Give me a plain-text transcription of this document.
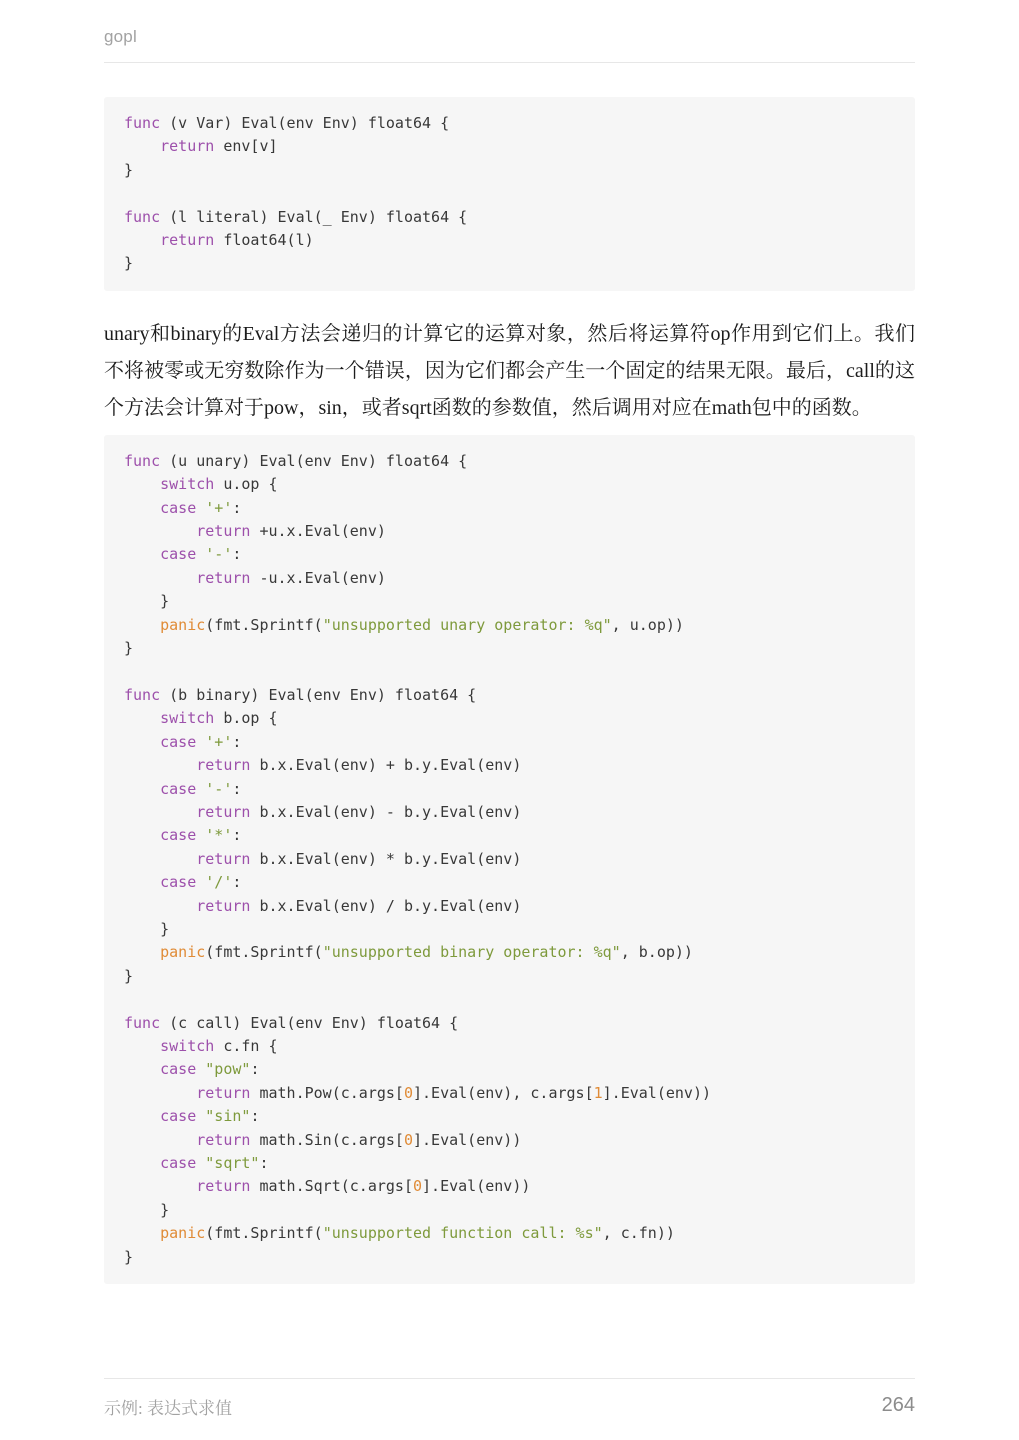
gopl
func (v Var) Eval(env Env) float64 {
return env[v]
}

func (l literal) Eval(_ Env) float64 {
return float64(l)
}

unary和binary的Eval方法会递归的计算它的运算对象，然后将运算符op作用到它们上。我们不将被零或无穷数除作为一个错误，因为它们都会产生一个固定的结果无限。最后，call的这个方法会计算对于pow，sin，或者sqrt函数的参数值，然后调用对应在math包中的函数。

func (u unary) Eval(env Env) float64 {
switch u.op {
case '+':
return +u.x.Eval(env)
case '-':
return -u.x.Eval(env)
}
panic(fmt.Sprintf("unsupported unary operator: %q", u.op))
}

func (b binary) Eval(env Env) float64 {
switch b.op {
case '+':
return b.x.Eval(env) + b.y.Eval(env)
case '-':
return b.x.Eval(env) - b.y.Eval(env)
case '*':
return b.x.Eval(env) * b.y.Eval(env)
case '/':
return b.x.Eval(env) / b.y.Eval(env)
}
panic(fmt.Sprintf("unsupported binary operator: %q", b.op))
}

func (c call) Eval(env Env) float64 {
switch c.fn {
case "pow":
return math.Pow(c.args[0].Eval(env), c.args[1].Eval(env))
case "sin":
return math.Sin(c.args[0].Eval(env))
case "sqrt":
return math.Sqrt(c.args[0].Eval(env))
}
panic(fmt.Sprintf("unsupported function call: %s", c.fn))
}
示例: 表达式求值	264
